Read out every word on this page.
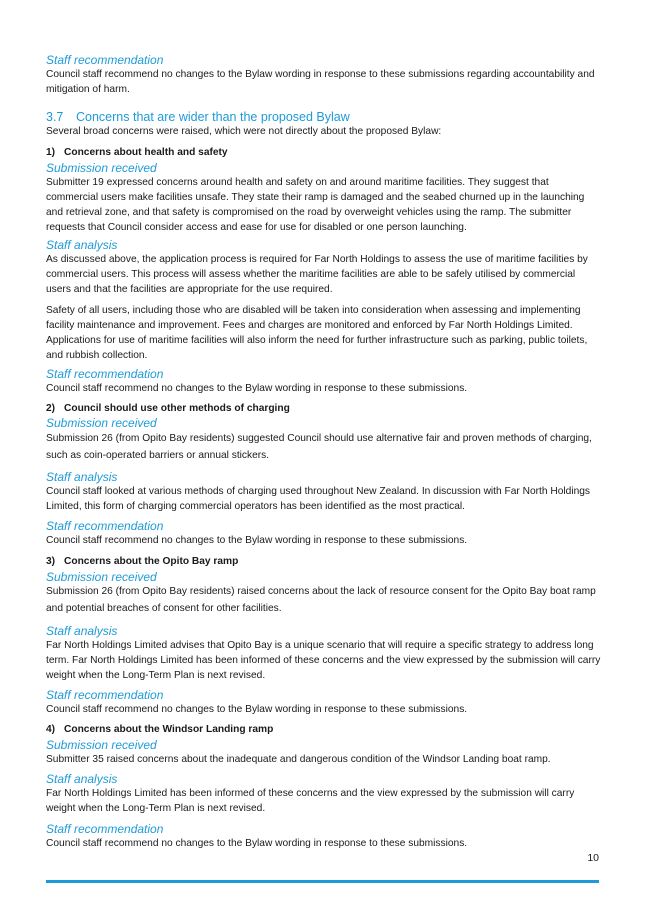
Staff recommendation

Council staff recommend no changes to the Bylaw wording in response to these submissions regarding accountability and mitigation of harm.

3.7 Concerns that are wider than the proposed Bylaw

Several broad concerns were raised, which were not directly about the proposed Bylaw:

1) Concerns about health and safety

Submission received

Submitter 19 expressed concerns around health and safety on and around maritime facilities. They suggest that commercial users make facilities unsafe. They state their ramp is damaged and the seabed churned up in the launching and retrieval zone, and that safety is compromised on the road by overweight vehicles using the ramp. The submitter requests that Council consider access and ease for use for disabled or one person launching.

Staff analysis

As discussed above, the application process is required for Far North Holdings to assess the use of maritime facilities by commercial users. This process will assess whether the maritime facilities are able to be safely utilised by commercial users and that the facilities are appropriate for the use required.

Safety of all users, including those who are disabled will be taken into consideration when assessing and implementing facility maintenance and improvement. Fees and charges are monitored and enforced by Far North Holdings Limited. Applications for use of maritime facilities will also inform the need for further infrastructure such as parking, public toilets, and rubbish collection.

Staff recommendation

Council staff recommend no changes to the Bylaw wording in response to these submissions.

2) Council should use other methods of charging

Submission received

Submission 26 (from Opito Bay residents) suggested Council should use alternative fair and proven methods of charging, such as coin-operated barriers or annual stickers.

Staff analysis

Council staff looked at various methods of charging used throughout New Zealand. In discussion with Far North Holdings Limited, this form of charging commercial operators has been identified as the most practical.

Staff recommendation

Council staff recommend no changes to the Bylaw wording in response to these submissions.

3) Concerns about the Opito Bay ramp

Submission received

Submission 26 (from Opito Bay residents) raised concerns about the lack of resource consent for the Opito Bay boat ramp and potential breaches of consent for other facilities.

Staff analysis

Far North Holdings Limited advises that Opito Bay is a unique scenario that will require a specific strategy to address long term. Far North Holdings Limited has been informed of these concerns and the view expressed by the submission will carry weight when the Long-Term Plan is next revised.

Staff recommendation

Council staff recommend no changes to the Bylaw wording in response to these submissions.

4) Concerns about the Windsor Landing ramp

Submission received

Submitter 35 raised concerns about the inadequate and dangerous condition of the Windsor Landing boat ramp.

Staff analysis

Far North Holdings Limited has been informed of these concerns and the view expressed by the submission will carry weight when the Long-Term Plan is next revised.

Staff recommendation

Council staff recommend no changes to the Bylaw wording in response to these submissions.

10
